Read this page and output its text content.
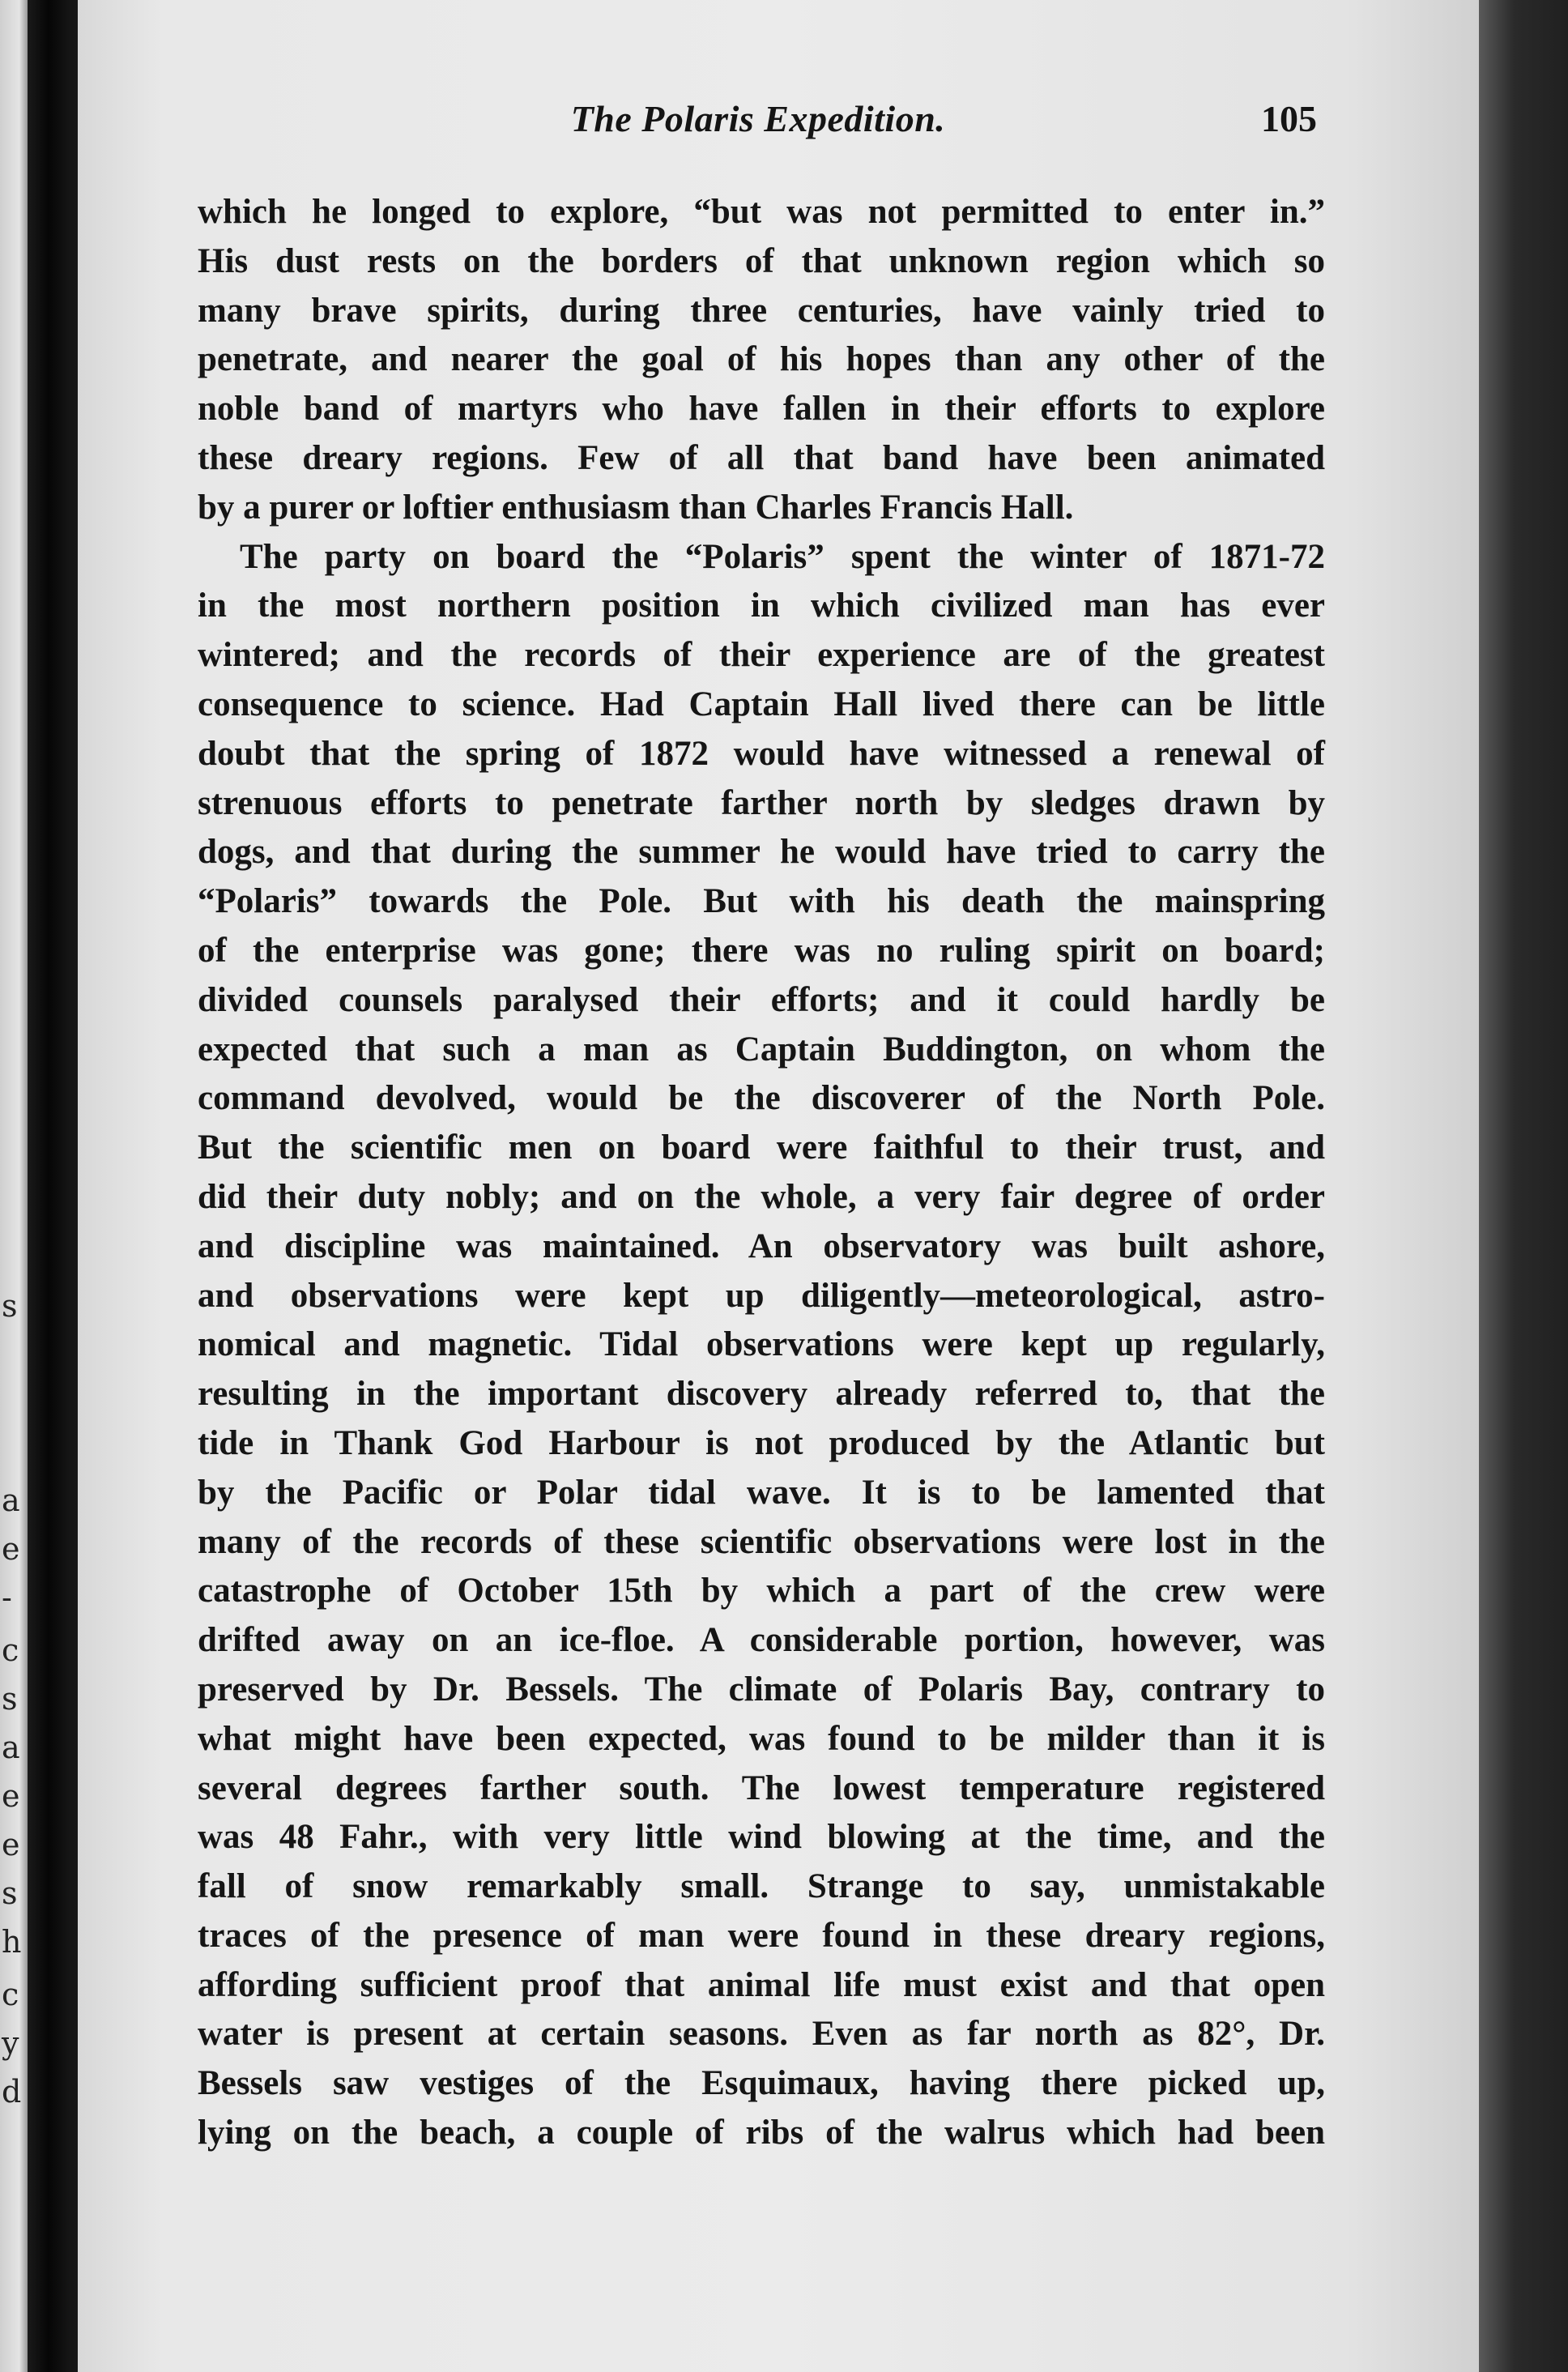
s
a
e
-
c
s
a
e
e
s
h
c
y
d
The Polaris Expedition.	105
which he longed to explore, “but was not permitted to enter in.”
His dust rests on the borders of that unknown region which so
many brave spirits, during three centuries, have vainly tried to
penetrate, and nearer the goal of his hopes than any other of the
noble band of martyrs who have fallen in their efforts to explore
these dreary regions. Few of all that band have been animated
by a purer or loftier enthusiasm than Charles Francis Hall.
The party on board the “Polaris” spent the winter of 1871-72
in the most northern position in which civilized man has ever
wintered; and the records of their experience are of the greatest
consequence to science. Had Captain Hall lived there can be little
doubt that the spring of 1872 would have witnessed a renewal of
strenuous efforts to penetrate farther north by sledges drawn by
dogs, and that during the summer he would have tried to carry the
“Polaris” towards the Pole. But with his death the mainspring
of the enterprise was gone; there was no ruling spirit on board;
divided counsels paralysed their efforts; and it could hardly be
expected that such a man as Captain Buddington, on whom the
command devolved, would be the discoverer of the North Pole.
But the scientific men on board were faithful to their trust, and
did their duty nobly; and on the whole, a very fair degree of order
and discipline was maintained. An observatory was built ashore,
and observations were kept up diligently—meteorological, astro-
nomical and magnetic. Tidal observations were kept up regularly,
resulting in the important discovery already referred to, that the
tide in Thank God Harbour is not produced by the Atlantic but
by the Pacific or Polar tidal wave. It is to be lamented that
many of the records of these scientific observations were lost in the
catastrophe of October 15th by which a part of the crew were
drifted away on an ice-floe. A considerable portion, however, was
preserved by Dr. Bessels. The climate of Polaris Bay, contrary to
what might have been expected, was found to be milder than it is
several degrees farther south. The lowest temperature registered
was 48 Fahr., with very little wind blowing at the time, and the
fall of snow remarkably small. Strange to say, unmistakable
traces of the presence of man were found in these dreary regions,
affording sufficient proof that animal life must exist and that open
water is present at certain seasons. Even as far north as 82°, Dr.
Bessels saw vestiges of the Esquimaux, having there picked up,
lying on the beach, a couple of ribs of the walrus which had been
